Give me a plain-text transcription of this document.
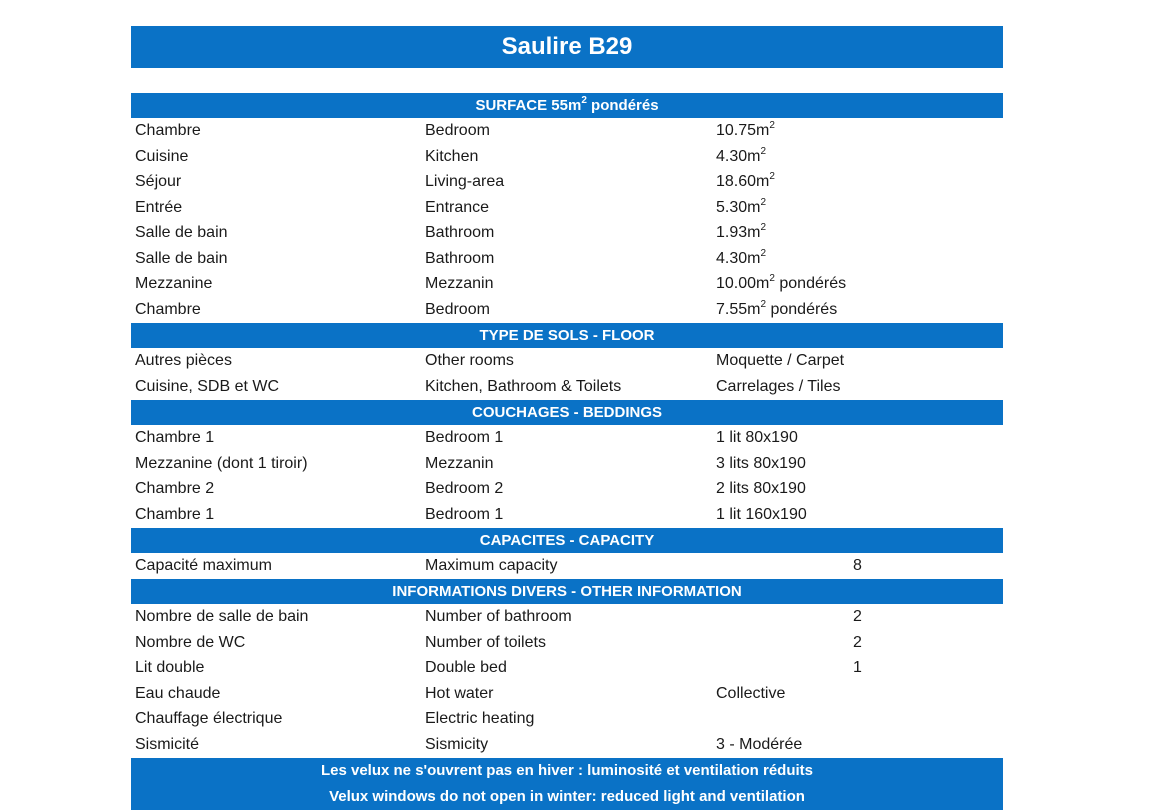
Saulire B29
SURFACE $55m^2$ pondérés
Chambre	Bedroom	$10.75m^2$
Cuisine	Kitchen	$4.30m^2$
Séjour	Living-area	$18.60m^2$
Entrée	Entrance	$5.30m^2$
Salle de bain	Bathroom	$1.93m^2$
Salle de bain	Bathroom	$4.30m^2$
Mezzanine	Mezzanin	$10.00m^2$ pondérés
Chambre	Bedroom	$7.55m^2$ pondérés
TYPE DE SOLS - FLOOR
Autres pièces	Other rooms	Moquette / Carpet
Cuisine, SDB et WC	Kitchen, Bathroom & Toilets	Carrelages / Tiles
COUCHAGES - BEDDINGS
Chambre 1	Bedroom 1	1 lit 80x190
Mezzanine (dont 1 tiroir)	Mezzanin	3 lits 80x190
Chambre 2	Bedroom 2	2 lits 80x190
Chambre 1	Bedroom 1	1 lit 160x190
CAPACITES - CAPACITY
Capacité maximum	Maximum capacity	8
INFORMATIONS DIVERS - OTHER INFORMATION
Nombre de salle de bain	Number of bathroom	2
Nombre de WC	Number of toilets	2
Lit double	Double bed	1
Eau chaude	Hot water	Collective
Chauffage électrique	Electric heating
Sismicité	Sismicity	3 - Modérée
Les velux ne s'ouvrent pas en hiver : luminosité et ventilation réduits
Velux windows do not open in winter: reduced light and ventilation
